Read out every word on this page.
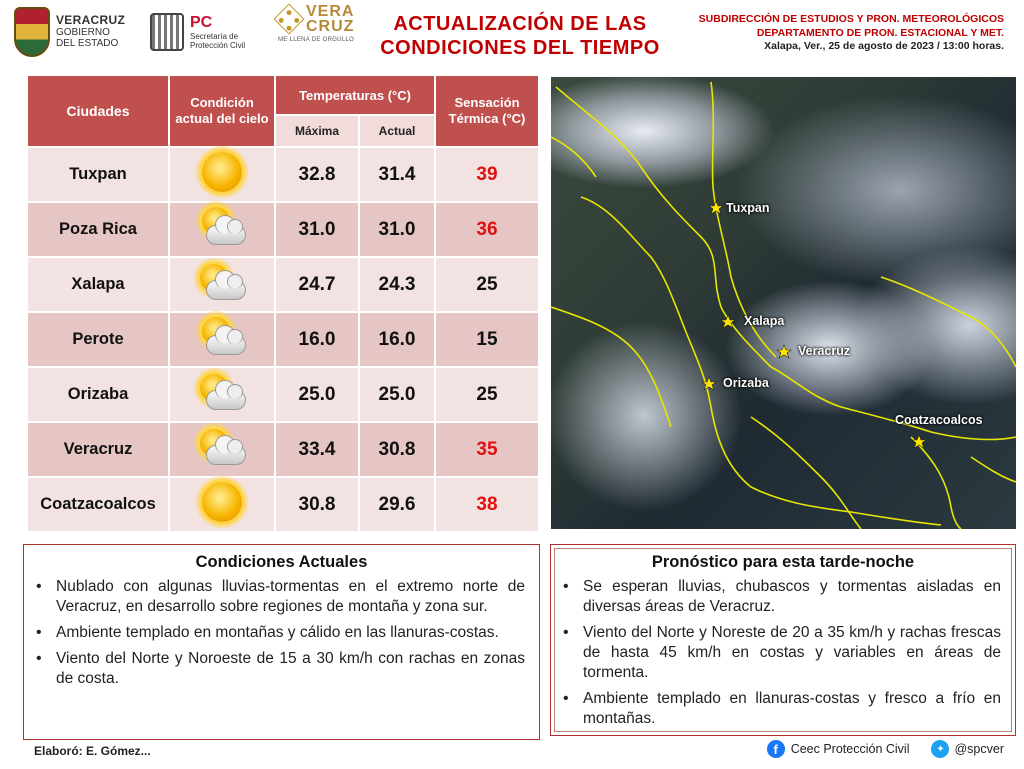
VERACRUZ
GOBIERNO
DEL ESTADO
PC
Secretaría de
Protección Civil
VERA
CRUZ
ME LLENA DE ORGULLO
ACTUALIZACIÓN DE LAS
CONDICIONES DEL TIEMPO
SUBDIRECCIÓN DE ESTUDIOS Y PRON. METEOROLÓGICOS
DEPARTAMENTO DE PRON. ESTACIONAL Y MET.
Xalapa, Ver., 25 de agosto de 2023 / 13:00 horas.
Ciudades	Condición actual del cielo	Temperaturas (°C)		Sensación Térmica (°C)
		Máxima	Actual	
Tuxpan		32.8	31.4	39
Poza Rica		31.0	31.0	36
Xalapa		24.7	24.3	25
Perote		16.0	16.0	15
Orizaba		25.0	25.0	25
Veracruz		33.4	30.8	35
Coatzacoalcos		30.8	29.6	38
Tuxpan
Xalapa
Veracruz
Orizaba
Coatzacoalcos
Condiciones Actuales
• Nublado con algunas lluvias-tormentas en el extremo norte de Veracruz, en desarrollo sobre regiones de montaña y zona sur.
• Ambiente templado en montañas y cálido en las llanuras-costas.
• Viento del Norte y Noroeste de 15 a 30 km/h con rachas en zonas de costa.
Pronóstico para esta tarde-noche
• Se esperan lluvias, chubascos y tormentas aisladas en diversas áreas de Veracruz.
• Viento del Norte y Noreste de 20 a 35 km/h y rachas frescas de hasta 45 km/h en costas y variables en áreas de tormenta.
• Ambiente templado en llanuras-costas y fresco a frío en montañas.
Elaboró: E. Gómez...	f	Ceec Protección Civil	✦ @spcver
